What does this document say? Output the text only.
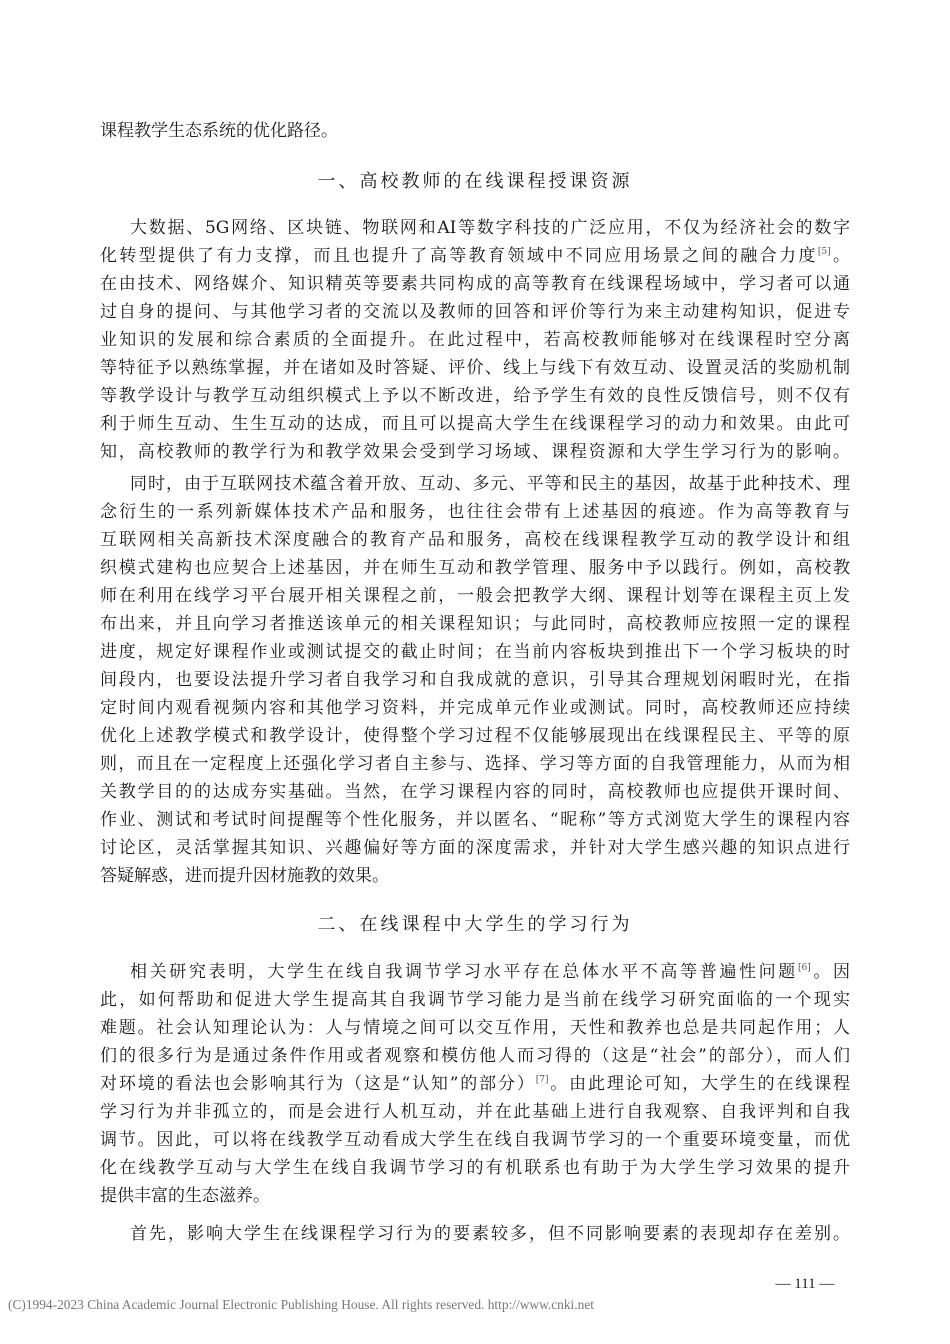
课程教学生态系统的优化路径。
一、高校教师的在线课程授课资源
大数据、5G网络、区块链、物联网和AI等数字科技的广泛应用，不仅为经济社会的数字
化转型提供了有力支撑，而且也提升了高等教育领域中不同应用场景之间的融合力度[5]。
在由技术、网络媒介、知识精英等要素共同构成的高等教育在线课程场域中，学习者可以通
过自身的提问、与其他学习者的交流以及教师的回答和评价等行为来主动建构知识，促进专
业知识的发展和综合素质的全面提升。在此过程中，若高校教师能够对在线课程时空分离
等特征予以熟练掌握，并在诸如及时答疑、评价、线上与线下有效互动、设置灵活的奖励机制
等教学设计与教学互动组织模式上予以不断改进，给予学生有效的良性反馈信号，则不仅有
利于师生互动、生生互动的达成，而且可以提高大学生在线课程学习的动力和效果。由此可
知，高校教师的教学行为和教学效果会受到学习场域、课程资源和大学生学习行为的影响。
同时，由于互联网技术蕴含着开放、互动、多元、平等和民主的基因，故基于此种技术、理
念衍生的一系列新媒体技术产品和服务，也往往会带有上述基因的痕迹。作为高等教育与
互联网相关高新技术深度融合的教育产品和服务，高校在线课程教学互动的教学设计和组
织模式建构也应契合上述基因，并在师生互动和教学管理、服务中予以践行。例如，高校教
师在利用在线学习平台展开相关课程之前，一般会把教学大纲、课程计划等在课程主页上发
布出来，并且向学习者推送该单元的相关课程知识；与此同时，高校教师应按照一定的课程
进度，规定好课程作业或测试提交的截止时间；在当前内容板块到推出下一个学习板块的时
间段内，也要设法提升学习者自我学习和自我成就的意识，引导其合理规划闲暇时光，在指
定时间内观看视频内容和其他学习资料，并完成单元作业或测试。同时，高校教师还应持续
优化上述教学模式和教学设计，使得整个学习过程不仅能够展现出在线课程民主、平等的原
则，而且在一定程度上还强化学习者自主参与、选择、学习等方面的自我管理能力，从而为相
关教学目的的达成夯实基础。当然，在学习课程内容的同时，高校教师也应提供开课时间、
作业、测试和考试时间提醒等个性化服务，并以匿名、“昵称”等方式浏览大学生的课程内容
讨论区，灵活掌握其知识、兴趣偏好等方面的深度需求，并针对大学生感兴趣的知识点进行
答疑解惑，进而提升因材施教的效果。
二、在线课程中大学生的学习行为
相关研究表明，大学生在线自我调节学习水平存在总体水平不高等普遍性问题[6]。因
此，如何帮助和促进大学生提高其自我调节学习能力是当前在线学习研究面临的一个现实
难题。社会认知理论认为：人与情境之间可以交互作用，天性和教养也总是共同起作用；人
们的很多行为是通过条件作用或者观察和模仿他人而习得的（这是“社会”的部分），而人们
对环境的看法也会影响其行为（这是“认知”的部分）[7]。由此理论可知，大学生的在线课程
学习行为并非孤立的，而是会进行人机互动，并在此基础上进行自我观察、自我评判和自我
调节。因此，可以将在线教学互动看成大学生在线自我调节学习的一个重要环境变量，而优
化在线教学互动与大学生在线自我调节学习的有机联系也有助于为大学生学习效果的提升
提供丰富的生态滋养。
首先，影响大学生在线课程学习行为的要素较多，但不同影响要素的表现却存在差别。
— 111 —
(C)1994-2023 China Academic Journal Electronic Publishing House. All rights reserved. http://www.cnki.net
